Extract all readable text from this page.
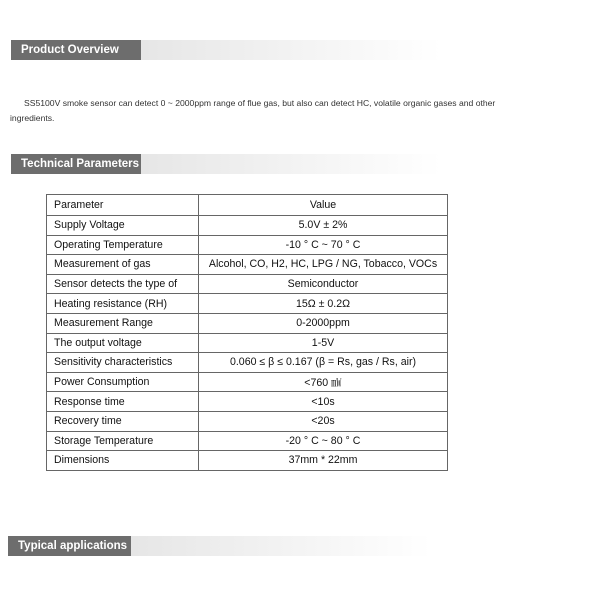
Product Overview
SS5100V smoke sensor can detect 0 ~ 2000ppm range of flue gas, but also can detect HC, volatile organic gases and other ingredients.
Technical Parameters
Parameter	Value
Supply Voltage	5.0V ± 2%
Operating Temperature	-10 ° C ~ 70 ° C
Measurement of gas	Alcohol, CO, H2, HC, LPG / NG, Tobacco, VOCs
Sensor detects the type of	Semiconductor
Heating resistance (RH)	15Ω ± 0.2Ω
Measurement Range	0-2000ppm
The output voltage	1-5V
Sensitivity characteristics	0.060 ≤ β ≤ 0.167 (β = Rs, gas / Rs, air)
Power Consumption	<760 ㎽
Response time	<10s
Recovery time	<20s
Storage Temperature	-20 ° C ~ 80 ° C
Dimensions	37mm * 22mm
Typical applications
